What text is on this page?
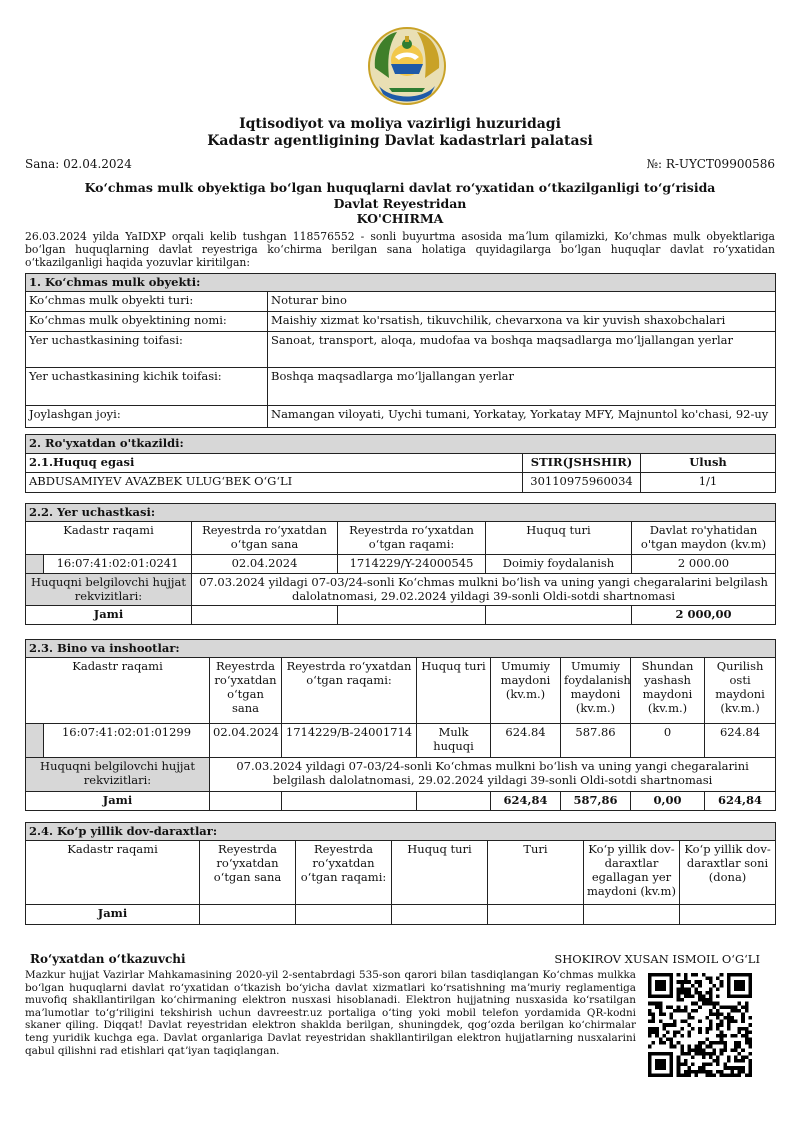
Iqtisodiyot va moliya vazirligi huzuridagi
Kadastr agentligining Davlat kadastrlari palatasi
Sana: 02.04.2024	№: R-UYCT09900586
Koʻchmas mulk obyektiga boʻlgan huquqlarni davlat roʻyxatidan oʻtkazilganligi toʻgʻrisida
Davlat Reyestridan
KO'CHIRMA
26.03.2024 yilda YaIDXP orqali kelib tushgan 118576552 - sonli buyurtma asosida maʼlum qilamizki, Koʻchmas mulk obyektlariga boʻlgan huquqlarning davlat reyestriga koʻchirma berilgan sana holatiga quyidagilarga boʻlgan huquqlar davlat roʻyxatidan oʻtkazilganligi haqida yozuvlar kiritilgan:
1. Koʻchmas mulk obyekti:	
Koʻchmas mulk obyekti turi:	Noturar bino
Koʻchmas mulk obyektining nomi:	Maishiy xizmat ko'rsatish, tikuvchilik, chevarxona va kir yuvish shaxobchalari
Yer uchastkasining toifasi:	Sanoat, transport, aloqa, mudofaa va boshqa maqsadlarga moʻljallangan yerlar
Yer uchastkasining kichik toifasi:	Boshqa maqsadlarga moʻljallangan yerlar
Joylashgan joyi:	Namangan viloyati, Uychi tumani, Yorkatay, Yorkatay MFY, Majnuntol ko'chasi, 92-uy
2. Ro'yxatdan o'tkazildi:		
2.1.Huquq egasi	STIR(JSHSHIR)	Ulush
ABDUSAMIYEV AVAZBEK ULUGʻBEK OʻGʻLI	30110975960034	1/1
2.2. Yer uchastkasi:					
Kadastr raqami		Reyestrda roʻyxatdan oʻtgan sana	Reyestrda roʻyxatdan oʻtgan raqami:	Huquq turi	Davlat ro'yhatidan o'tgan maydon (kv.m)
	16:07:41:02:01:0241	02.04.2024	1714229/Y-24000545	Doimiy foydalanish	2 000.00
Huquqni belgilovchi hujjat rekvizitlari:		07.03.2024 yildagi 07-03/24-sonli Koʻchmas mulkni boʻlish va uning yangi chegaralarini belgilash dalolatnomasi, 29.02.2024 yildagi 39-sonli Oldi-sotdi shartnomasi			
Jami					2 000,00
2.3. Bino va inshootlar:								
Kadastr raqami		Reyestrda roʻyxatdan oʻtgan sana	Reyestrda roʻyxatdan oʻtgan raqami:	Huquq turi	Umumiy maydoni (kv.m.)	Umumiy foydalanish maydoni (kv.m.)	Shundan yashash maydoni (kv.m.)	Qurilish osti maydoni (kv.m.)
	16:07:41:02:01:01299	02.04.2024	1714229/B-24001714	Mulk huquqi	624.84	587.86	0	624.84
Huquqni belgilovchi hujjat rekvizitlari:		07.03.2024 yildagi 07-03/24-sonli Koʻchmas mulkni boʻlish va uning yangi chegaralarini belgilash dalolatnomasi, 29.02.2024 yildagi 39-sonli Oldi-sotdi shartnomasi						
Jami					624,84	587,86	0,00	624,84
2.4. Koʻp yillik dov-daraxtlar:						
Kadastr raqami	Reyestrda roʻyxatdan oʻtgan sana	Reyestrda roʻyxatdan oʻtgan raqami:	Huquq turi	Turi	Koʻp yillik dov-daraxtlar egallagan yer maydoni (kv.m)	Koʻp yillik dov-daraxtlar soni (dona)
Jami						
Roʻyxatdan oʻtkazuvchi	SHOKIROV XUSAN ISMOIL OʻGʻLI
Mazkur hujjat Vazirlar Mahkamasining 2020-yil 2-sentabrdagi 535-son qarori bilan tasdiqlangan Koʻchmas mulkka boʻlgan huquqlarni davlat roʻyxatidan oʻtkazish boʻyicha davlat xizmatlari koʻrsatishning maʼmuriy reglamentiga muvofiq shakllantirilgan koʻchirmaning elektron nusxasi hisoblanadi. Elektron hujjatning nusxasida koʻrsatilgan maʼlumotlar toʻgʻriligini tekshirish uchun davreestr.uz portaliga oʻting yoki mobil telefon yordamida QR-kodni skaner qiling. Diqqat! Davlat reyestridan elektron shaklda berilgan, shuningdek, qogʻozda berilgan koʻchirmalar teng yuridik kuchga ega. Davlat organlariga Davlat reyestridan shakllantirilgan elektron hujjatlarning nusxalarini qabul qilishni rad etishlari qatʼiyan taqiqlangan.
